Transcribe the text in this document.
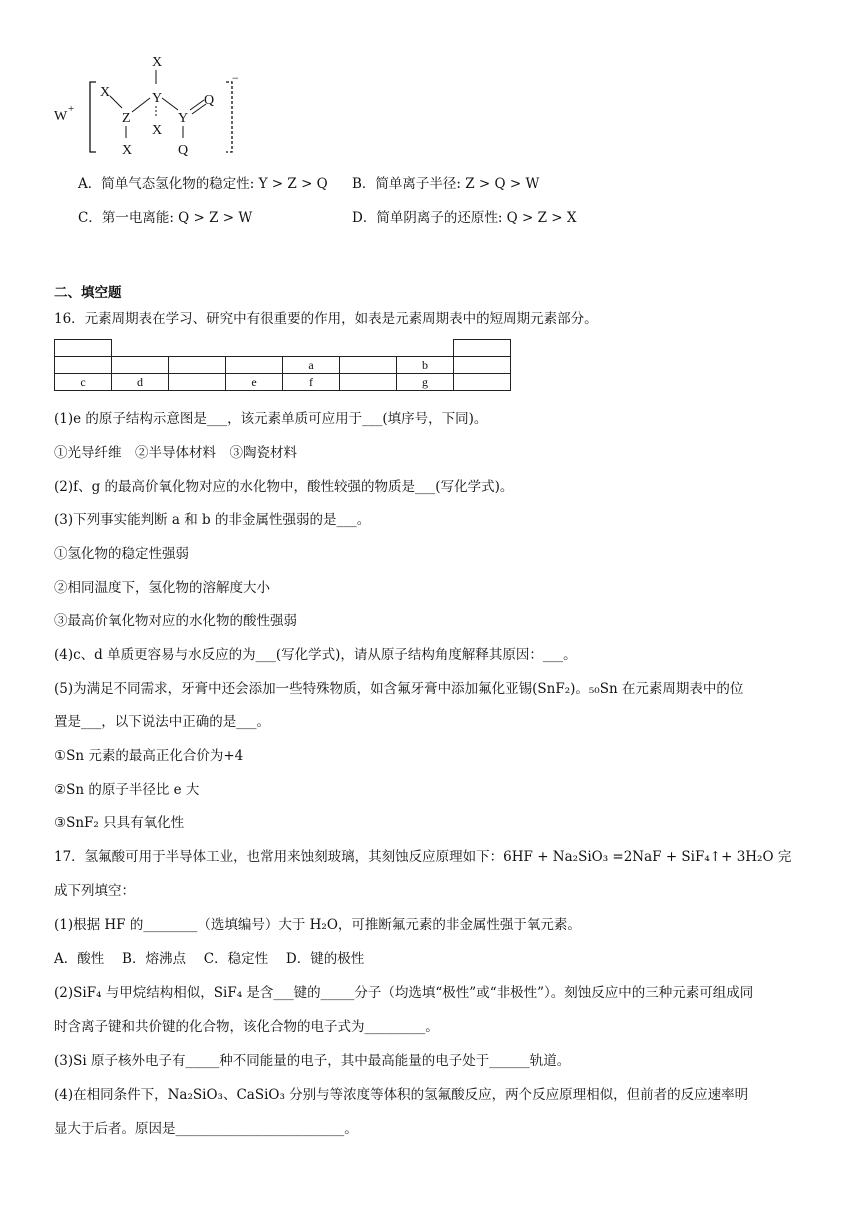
W +
−
X
Y
X
Z
X
X
Y
Q
Q
A．简单气态氢化物的稳定性: Y > Z > Q B．简单离子半径: Z > Q > W
C．第一电离能: Q > Z > W	D．简单阴离子的还原性: Q > Z > X
二、填空题
16．元素周期表在学习、研究中有很重要的作用，如表是元素周期表中的短周期元素部分。

				a		b	
c	d		e	f		g	
(1)e 的原子结构示意图是___，该元素单质可应用于___(填序号，下同)。
①光导纤维　②半导体材料　③陶瓷材料
(2)f、g 的最高价氧化物对应的水化物中，酸性较强的物质是___(写化学式)。
(3)下列事实能判断 a 和 b 的非金属性强弱的是___。
①氢化物的稳定性强弱
②相同温度下，氢化物的溶解度大小
③最高价氧化物对应的水化物的酸性强弱
(4)c、d 单质更容易与水反应的为___(写化学式)，请从原子结构角度解释其原因：___。
(5)为满足不同需求，牙膏中还会添加一些特殊物质，如含氟牙膏中添加氟化亚锡(SnF₂)。₅₀Sn 在元素周期表中的位
置是___，以下说法中正确的是___。
①Sn 元素的最高正化合价为+4
②Sn 的原子半径比 e 大
③SnF₂ 只具有氧化性
17．氢氟酸可用于半导体工业，也常用来蚀刻玻璃，其刻蚀反应原理如下：6HF + Na₂SiO₃ =2NaF + SiF₄↑+ 3H₂O 完
成下列填空：
(1)根据 HF 的________（选填编号）大于 H₂O，可推断氟元素的非金属性强于氧元素。
A．酸性　 B．熔沸点　 C．稳定性　 D．键的极性
(2)SiF₄ 与甲烷结构相似，SiF₄ 是含___键的_____分子（均选填“极性”或“非极性”）。刻蚀反应中的三种元素可组成同
时含离子键和共价键的化合物，该化合物的电子式为_________。
(3)Si 原子核外电子有_____种不同能量的电子，其中最高能量的电子处于______轨道。
(4)在相同条件下，Na₂SiO₃、CaSiO₃ 分别与等浓度等体积的氢氟酸反应，两个反应原理相似，但前者的反应速率明
显大于后者。原因是_________________________。
